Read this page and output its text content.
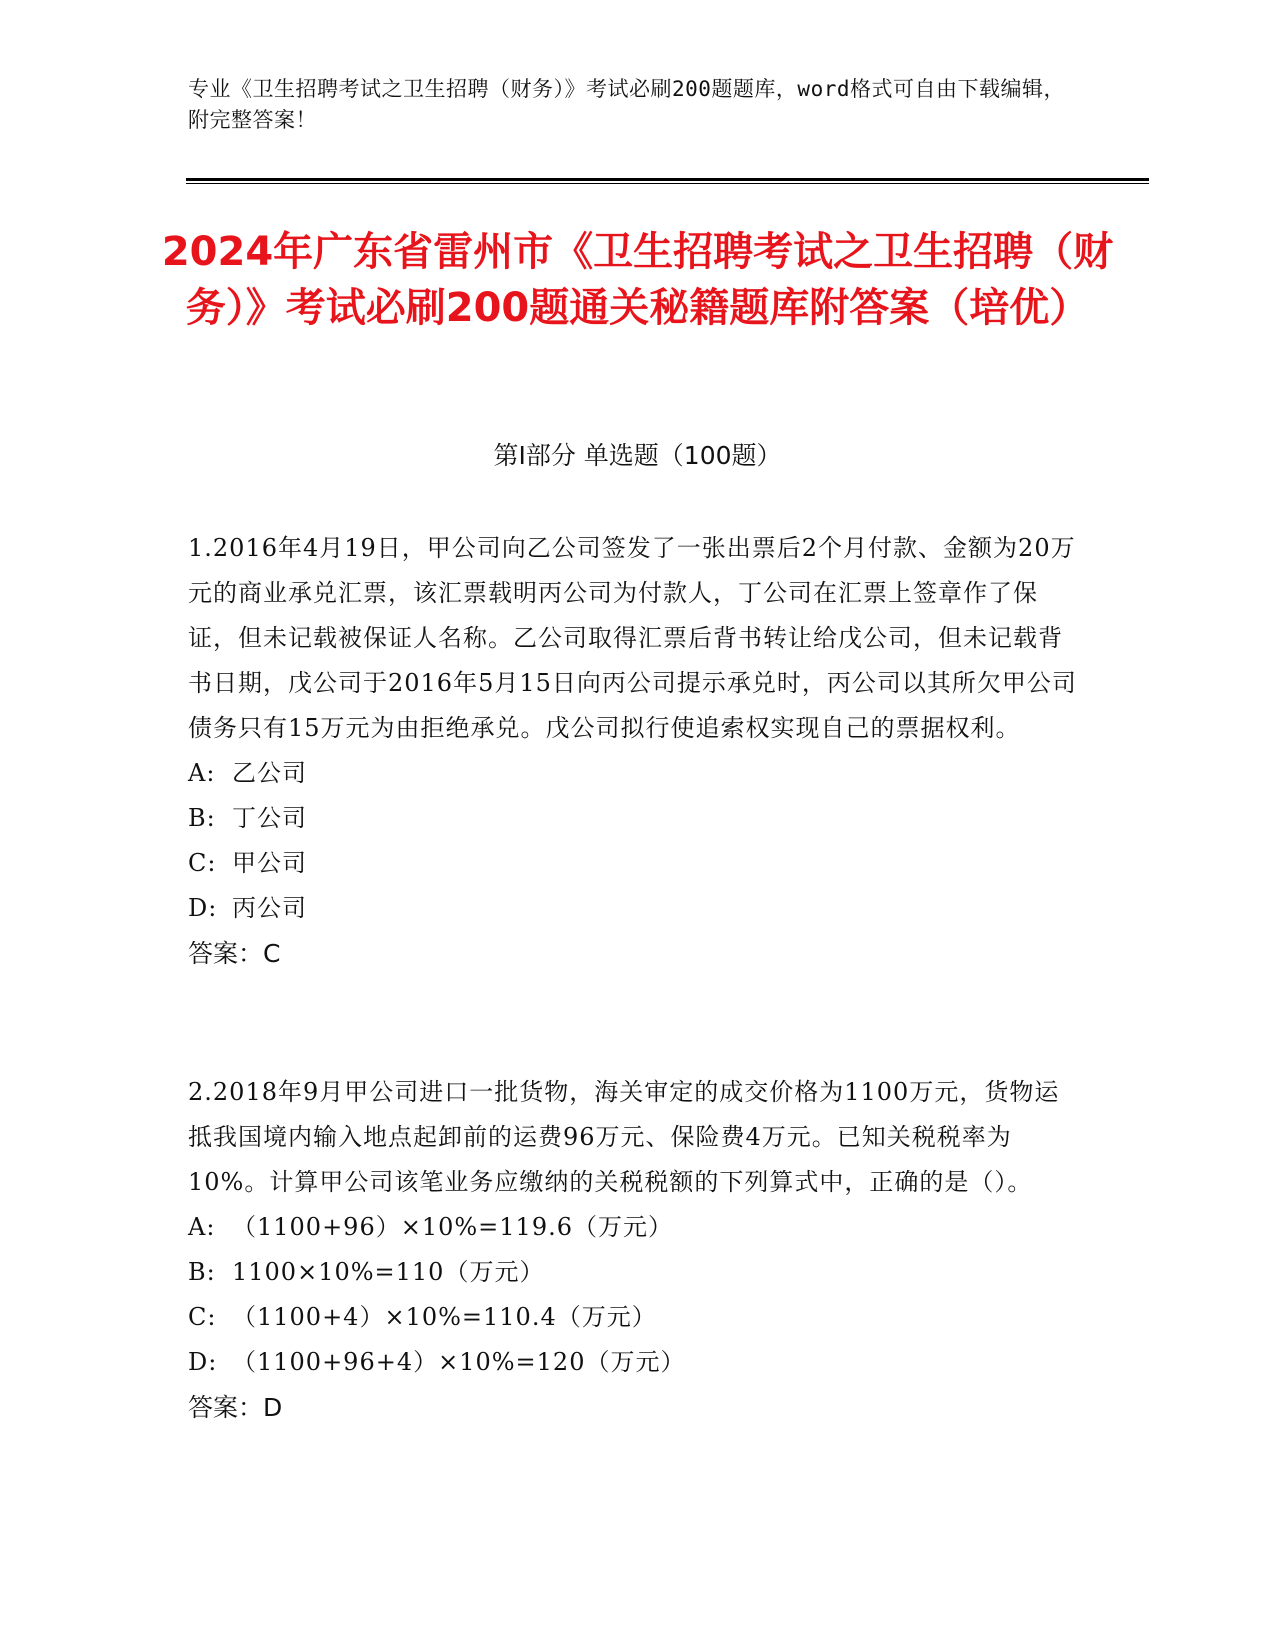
专业《卫生招聘考试之卫生招聘（财务）》考试必刷200题题库，word格式可自由下载编辑，附完整答案！
2024年广东省雷州市《卫生招聘考试之卫生招聘（财务）》考试必刷200题通关秘籍题库附答案（培优）
第Ⅰ部分 单选题（100题）

1.2016年4月19日，甲公司向乙公司签发了一张出票后2个月付款、金额为20万元的商业承兑汇票，该汇票载明丙公司为付款人，丁公司在汇票上签章作了保证，但未记载被保证人名称。乙公司取得汇票后背书转让给戊公司，但未记载背书日期，戊公司于2016年5月15日向丙公司提示承兑时，丙公司以其所欠甲公司债务只有15万元为由拒绝承兑。戊公司拟行使追索权实现自己的票据权利。

A: 乙公司

B: 丁公司

C: 甲公司

D: 丙公司

答案：C

2.2018年9月甲公司进口一批货物，海关审定的成交价格为1100万元，货物运抵我国境内输入地点起卸前的运费96万元、保险费4万元。已知关税税率为10%。计算甲公司该笔业务应缴纳的关税税额的下列算式中，正确的是（）。

A: （1100+96）×10%=119.6（万元）

B: 1100×10%=110（万元）

C: （1100+4）×10%=110.4（万元）

D: （1100+96+4）×10%=120（万元）

答案：D
